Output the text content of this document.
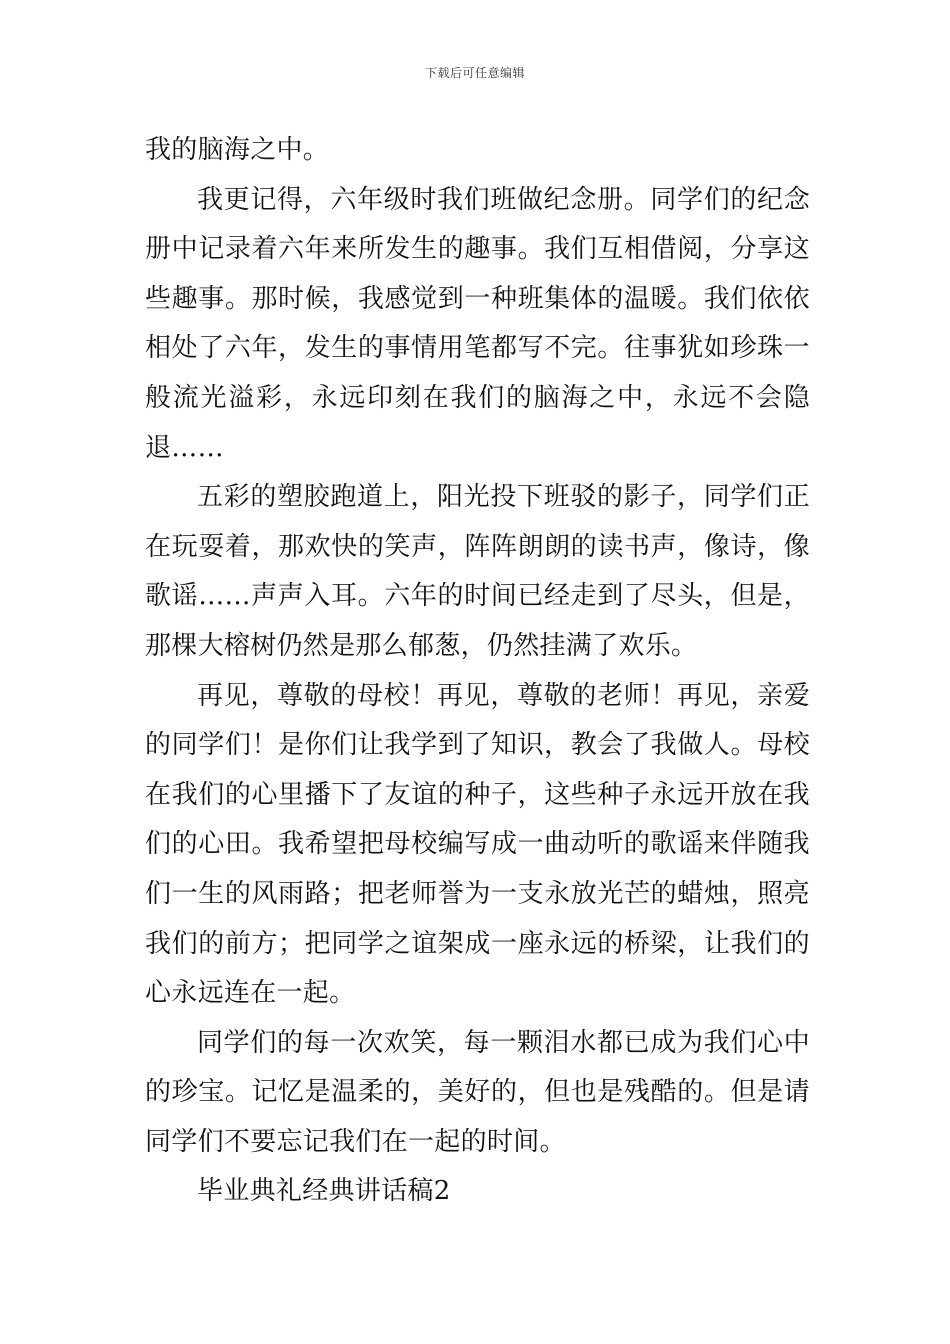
下载后可任意编辑

我的脑海之中。

我更记得，六年级时我们班做纪念册。同学们的纪念册中记录着六年来所发生的趣事。我们互相借阅，分享这些趣事。那时候，我感觉到一种班集体的温暖。我们依依相处了六年，发生的事情用笔都写不完。往事犹如珍珠一般流光溢彩，永远印刻在我们的脑海之中，永远不会隐退……

五彩的塑胶跑道上，阳光投下班驳的影子，同学们正在玩耍着，那欢快的笑声，阵阵朗朗的读书声，像诗，像歌谣……声声入耳。六年的时间已经走到了尽头，但是，那棵大榕树仍然是那么郁葱，仍然挂满了欢乐。

再见，尊敬的母校！再见，尊敬的老师！再见，亲爱的同学们！是你们让我学到了知识，教会了我做人。母校在我们的心里播下了友谊的种子，这些种子永远开放在我们的心田。我希望把母校编写成一曲动听的歌谣来伴随我们一生的风雨路；把老师誉为一支永放光芒的蜡烛，照亮我们的前方；把同学之谊架成一座永远的桥梁，让我们的心永远连在一起。

同学们的每一次欢笑，每一颗泪水都已成为我们心中的珍宝。记忆是温柔的，美好的，但也是残酷的。但是请同学们不要忘记我们在一起的时间。

毕业典礼经典讲话稿2
